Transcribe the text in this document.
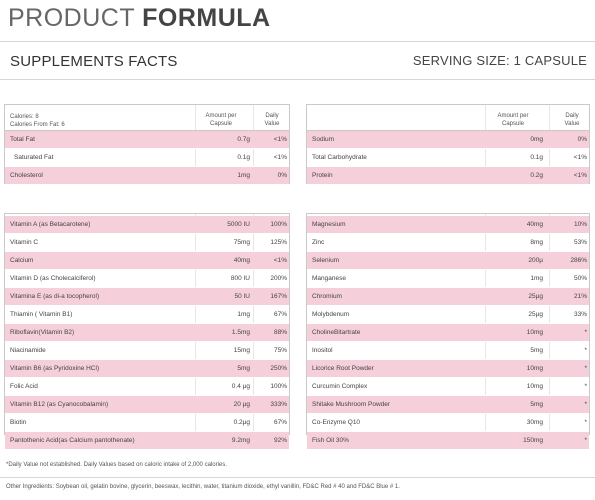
PRODUCT FORMULA
SUPPLEMENTS FACTS	SERVING SIZE: 1 CAPSULE
Calories: 8
Calories From Fat: 6
Amount per
Capsule
Daily
Value
Total Fat	0.7g	<1%
Saturated Fat	0.1g	<1%
Cholesterol	1mg	0%
Amount per
Capsule
Daily
Value
Sodium	0mg	0%
Total Carbohydrate	0.1g	<1%
Protein	0.2g	<1%
Vitamin A (as Betacarotene)	5000 IU	100%
Vitamin C	75mg	125%
Calcium	40mg	<1%
Vitamin D (as Cholecalciferol)	800 IU	200%
Vitamina E (as di-a tocopherol)	50 IU	167%
Thiamin ( Vitamin B1)	1mg	67%
Riboflavin(Vitamin B2)	1.5mg	88%
Niacinamide	15mg	75%
Vitamin B6 (as Pyridoxine HCl)	5mg	250%
Folic Acid	0.4 µg	100%
Vitamin B12 (as Cyanocobalamin)	20 µg	333%
Biotin	0.2µg	67%
Pantothenic Acid(as Calcium pantothenate)	9.2mg	92%
Magnesium	40mg	10%
Zinc	8mg	53%
Selenium	200µ	286%
Manganese	1mg	50%
Chromium	25µg	21%
Molybdenum	25µg	33%
CholineBitartrate	10mg	*
Inositol	5mg	*
Licorice Root Powder	10mg	*
Curcumin Complex	10mg	*
Shitake Mushroom Powder	5mg	*
Co-Enzyme Q10	30mg	*
Fish Oil 30%	150mg	*
*Daily Value not established. Daily Values based on caloric intake of 2,000 calories.
Other Ingredients: Soybean oil, gelatin bovine, glycerin, beeswax, lecithin, water, titanium dioxide, ethyl vanillin, FD&C Red # 40 and FD&C Blue # 1.
